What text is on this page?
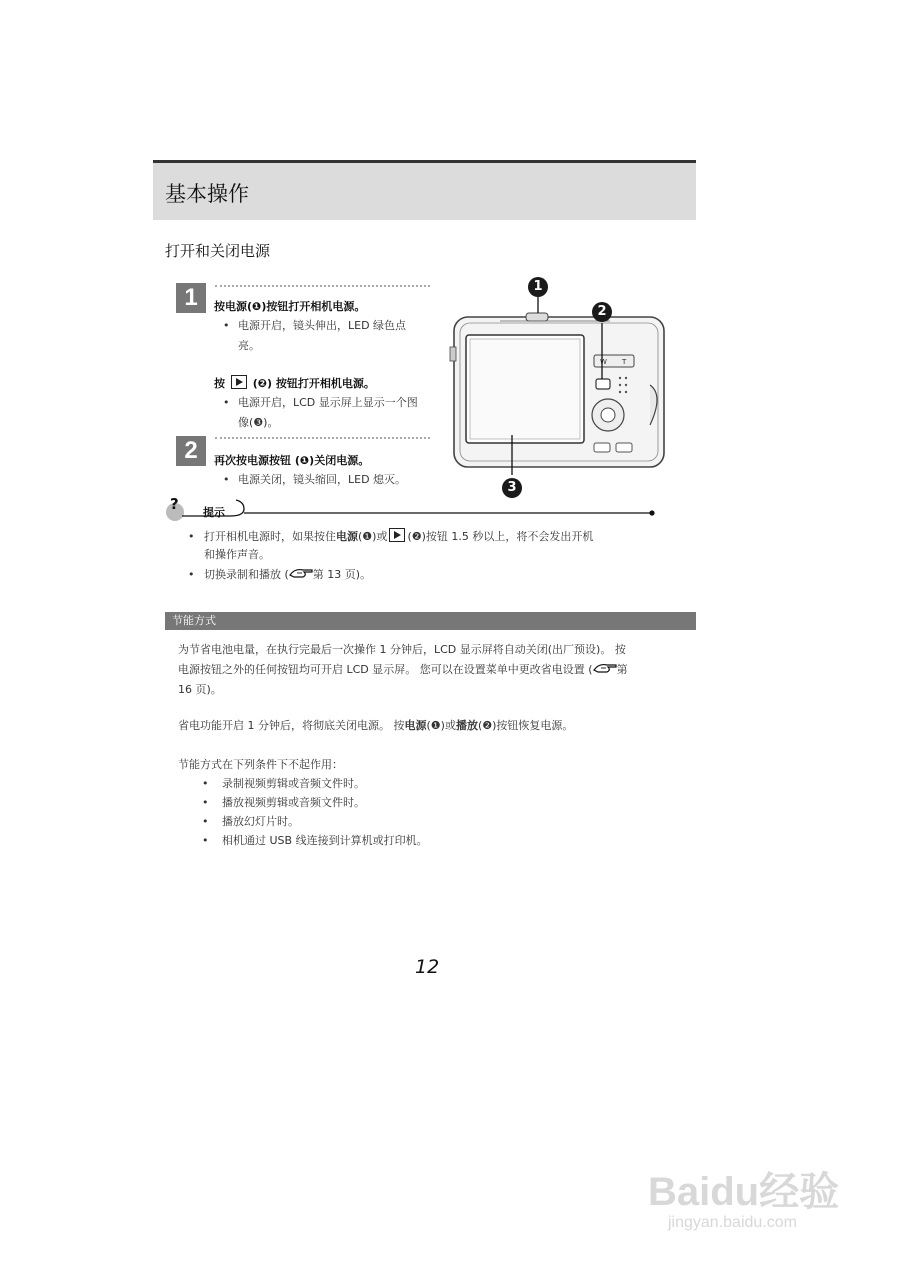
基本操作
打开和关闭电源
1	按电源(❶)按钮打开相机电源。
• 电源开启，镜头伸出，LED 绿色点亮。
按	(❷) 按钮打开相机电源。
• 电源开启，LCD 显示屏上显示一个图像(❸)。
2	再次按电源按钮 (❶)关闭电源。
• 电源关闭，镜头缩回，LED 熄灭。
W T
1
2
3
? 提示
• 打开相机电源时，如果按住电源(❶)或 (❷)按钮 1.5 秒以上，将不会发出开机
和操作声音。
• 切换录制和播放 ( 第 13 页)。
节能方式
为节省电池电量，在执行完最后一次操作 1 分钟后，LCD 显示屏将自动关闭(出厂预设)。 按
电源按钮之外的任何按钮均可开启 LCD 显示屏。 您可以在设置菜单中更改省电设置 ( 第
16 页)。
省电功能开启 1 分钟后，将彻底关闭电源。 按电源(❶)或播放(❷)按钮恢复电源。
节能方式在下列条件下不起作用：
• 录制视频剪辑或音频文件时。
• 播放视频剪辑或音频文件时。
• 播放幻灯片时。
• 相机通过 USB 线连接到计算机或打印机。
12
Baidu经验
jingyan.baidu.com
